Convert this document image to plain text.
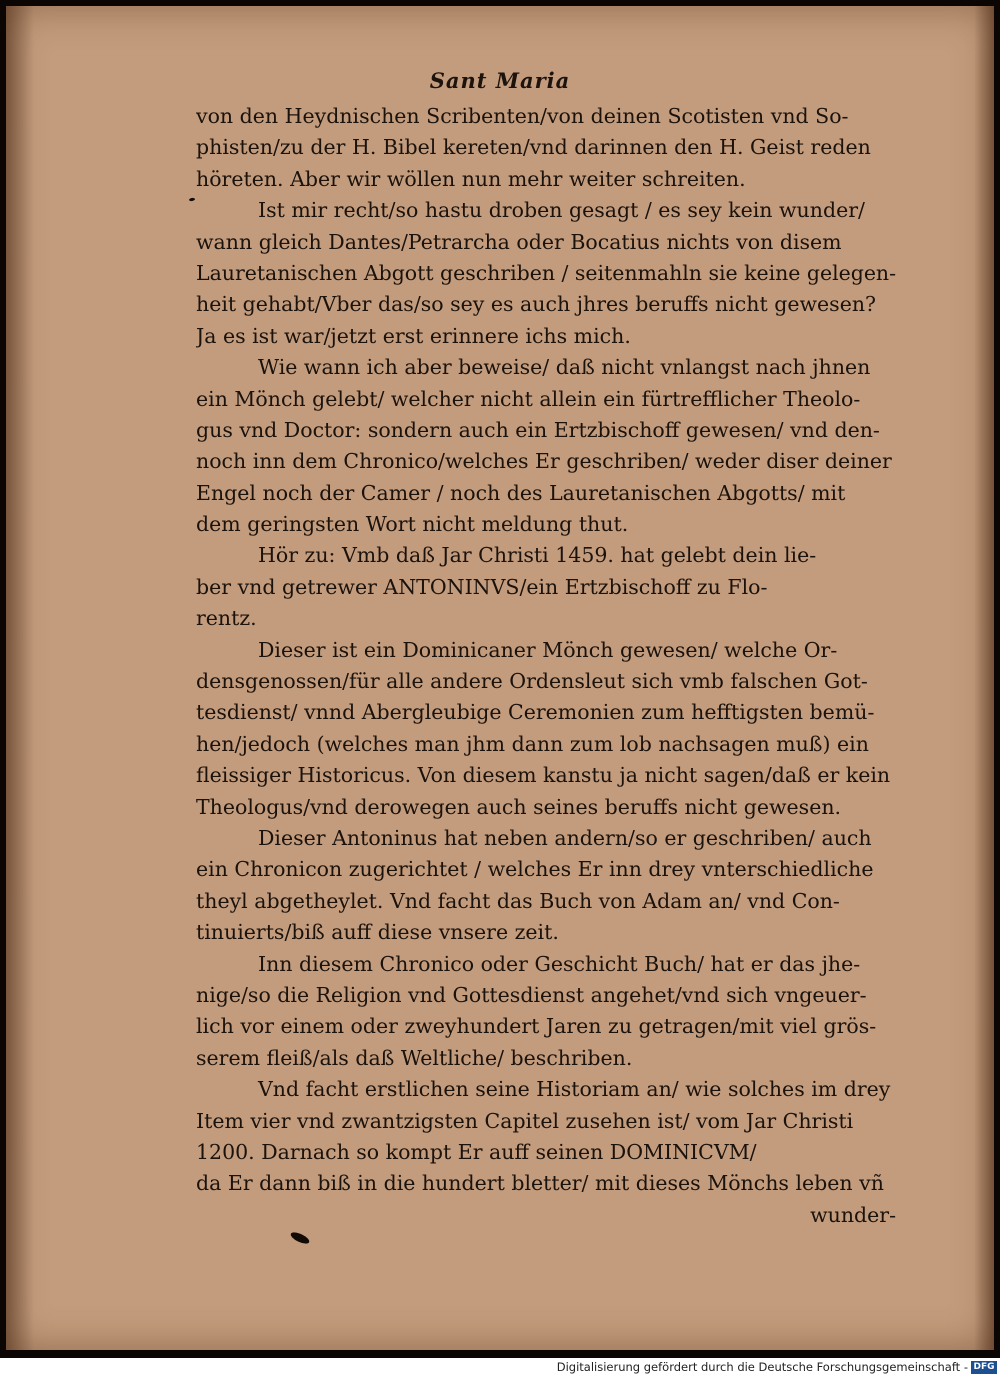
Sant Maria
von den Heydnischen Scribenten/von deinen Scotisten vnd So-
phisten/zu der H. Bibel kereten/vnd darinnen den H. Geist reden
höreten. Aber wir wöllen nun mehr weiter schreiten.
Ist mir recht/so hastu droben gesagt / es sey kein wunder/
wann gleich Dantes/Petrarcha oder Bocatius nichts von disem
Lauretanischen Abgott geschriben / seitenmahln sie keine gelegen-
heit gehabt/Vber das/so sey es auch jhres beruffs nicht gewesen?
Ja es ist war/jetzt erst erinnere ichs mich.
Wie wann ich aber beweise/ daß nicht vnlangst nach jhnen
ein Mönch gelebt/ welcher nicht allein ein fürtrefflicher Theolo-
gus vnd Doctor: sondern auch ein Ertzbischoff gewesen/ vnd den-
noch inn dem Chronico/welches Er geschriben/ weder diser deiner
Engel noch der Camer / noch des Lauretanischen Abgotts/ mit
dem geringsten Wort nicht meldung thut.
Hör zu: Vmb daß Jar Christi 1459. hat gelebt dein lie-
ber vnd getrewer ANTONINVS/ein Ertzbischoff zu Flo-
rentz.
Dieser ist ein Dominicaner Mönch gewesen/ welche Or-
densgenossen/für alle andere Ordensleut sich vmb falschen Got-
tesdienst/ vnnd Abergleubige Ceremonien zum hefftigsten bemü-
hen/jedoch (welches man jhm dann zum lob nachsagen muß) ein
fleissiger Historicus. Von diesem kanstu ja nicht sagen/daß er kein
Theologus/vnd derowegen auch seines beruffs nicht gewesen.
Dieser Antoninus hat neben andern/so er geschriben/ auch
ein Chronicon zugerichtet / welches Er inn drey vnterschiedliche
theyl abgetheylet. Vnd facht das Buch von Adam an/ vnd Con-
tinuierts/biß auff diese vnsere zeit.
Inn diesem Chronico oder Geschicht Buch/ hat er das jhe-
nige/so die Religion vnd Gottesdienst angehet/vnd sich vngeuer-
lich vor einem oder zweyhundert Jaren zu getragen/mit viel grös-
serem fleiß/als daß Weltliche/ beschriben.
Vnd facht erstlichen seine Historiam an/ wie solches im drey
Item vier vnd zwantzigsten Capitel zusehen ist/ vom Jar Christi
1200. Darnach so kompt Er auff seinen DOMINICVM/
da Er dann biß in die hundert bletter/ mit dieses Mönchs leben vñ
wunder-
Digitalisierung gefördert durch die Deutsche Forschungsgemeinschaft - DFG
